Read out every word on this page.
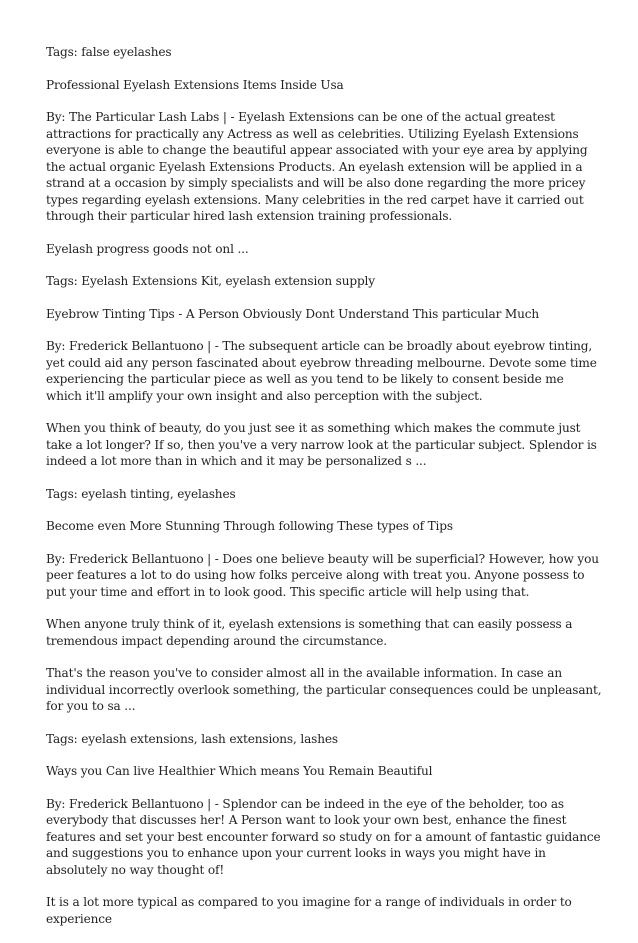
Tags: false eyelashes

Professional Eyelash Extensions Items Inside Usa

By: The Particular Lash Labs | - Eyelash Extensions can be one of the actual greatest attractions for practically any Actress as well as celebrities. Utilizing Eyelash Extensions everyone is able to change the beautiful appear associated with your eye area by applying the actual organic Eyelash Extensions Products. An eyelash extension will be applied in a strand at a occasion by simply specialists and will be also done regarding the more pricey types regarding eyelash extensions. Many celebrities in the red carpet have it carried out through their particular hired lash extension training professionals.

Eyelash progress goods not onl ...

Tags: Eyelash Extensions Kit, eyelash extension supply

Eyebrow Tinting Tips - A Person Obviously Dont Understand This particular Much

By: Frederick Bellantuono | - The subsequent article can be broadly about eyebrow tinting, yet could aid any person fascinated about eyebrow threading melbourne. Devote some time experiencing the particular piece as well as you tend to be likely to consent beside me which it'll amplify your own insight and also perception with the subject.

When you think of beauty, do you just see it as something which makes the commute just take a lot longer? If so, then you've a very narrow look at the particular subject. Splendor is indeed a lot more than in which and it may be personalized s ...

Tags: eyelash tinting, eyelashes

Become even More Stunning Through following These types of Tips

By: Frederick Bellantuono | - Does one believe beauty will be superficial? However, how you peer features a lot to do using how folks perceive along with treat you. Anyone possess to put your time and effort in to look good. This specific article will help using that.

When anyone truly think of it, eyelash extensions is something that can easily possess a tremendous impact depending around the circumstance.

That's the reason you've to consider almost all in the available information. In case an individual incorrectly overlook something, the particular consequences could be unpleasant, for you to sa ...

Tags: eyelash extensions, lash extensions, lashes

Ways you Can live Healthier Which means You Remain Beautiful

By: Frederick Bellantuono | - Splendor can be indeed in the eye of the beholder, too as everybody that discusses her! A Person want to look your own best, enhance the finest features and set your best encounter forward so study on for a amount of fantastic guidance and suggestions you to enhance upon your current looks in ways you might have in absolutely no way thought of!

It is a lot more typical as compared to you imagine for a range of individuals in order to experience
